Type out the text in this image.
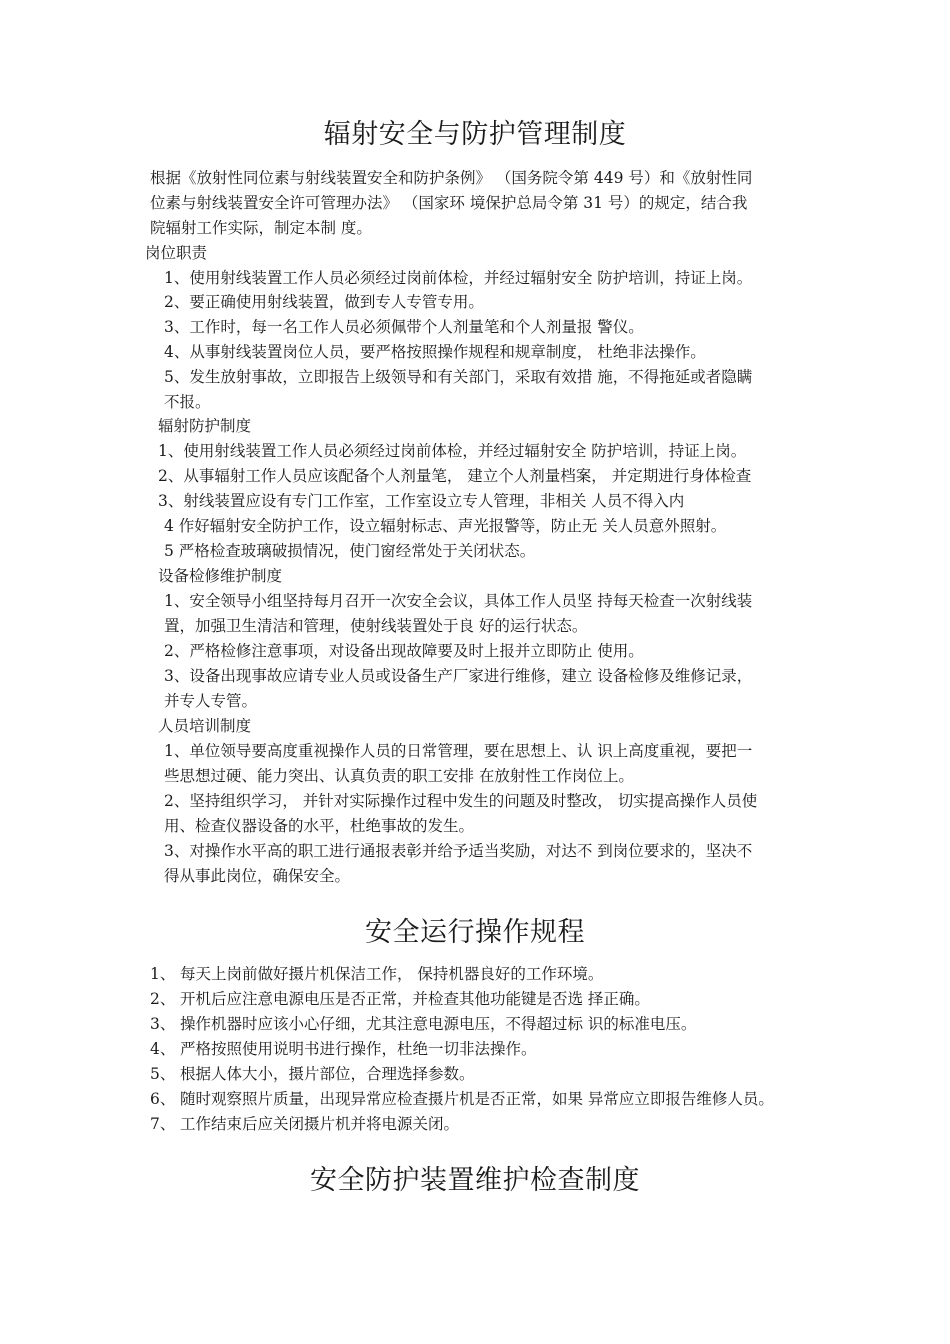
辐射安全与防护管理制度

根据《放射性同位素与射线装置安全和防护条例》 （国务院令第 449 号）和《放射性同

位素与射线装置安全许可管理办法》 （国家环 境保护总局令第 31 号）的规定，结合我

院辐射工作实际，制定本制 度。

岗位职责

1、使用射线装置工作人员必须经过岗前体检，并经过辐射安全 防护培训，持证上岗。

2、要正确使用射线装置，做到专人专管专用。

3、工作时，每一名工作人员必须佩带个人剂量笔和个人剂量报 警仪。

4、从事射线装置岗位人员，要严格按照操作规程和规章制度， 杜绝非法操作。

5、发生放射事故，立即报告上级领导和有关部门，采取有效措 施，不得拖延或者隐瞒

不报。

辐射防护制度

1、使用射线装置工作人员必须经过岗前体检，并经过辐射安全 防护培训，持证上岗。

2、从事辐射工作人员应该配备个人剂量笔， 建立个人剂量档案， 并定期进行身体检查

3、射线装置应设有专门工作室，工作室设立专人管理，非相关 人员不得入内

4 作好辐射安全防护工作，设立辐射标志、声光报警等，防止无 关人员意外照射。

5 严格检查玻璃破损情况，使门窗经常处于关闭状态。

设备检修维护制度

1、安全领导小组坚持每月召开一次安全会议，具体工作人员坚 持每天检查一次射线装

置，加强卫生清洁和管理，使射线装置处于良 好的运行状态。

2、严格检修注意事项，对设备出现故障要及时上报并立即防止 使用。

3、设备出现事故应请专业人员或设备生产厂家进行维修，建立 设备检修及维修记录，

并专人专管。

人员培训制度

1、单位领导要高度重视操作人员的日常管理，要在思想上、认 识上高度重视，要把一

些思想过硬、能力突出、认真负责的职工安排 在放射性工作岗位上。

2、坚持组织学习， 并针对实际操作过程中发生的问题及时整改， 切实提高操作人员使

用、检查仪器设备的水平，杜绝事故的发生。

3、对操作水平高的职工进行通报表彰并给予适当奖励，对达不 到岗位要求的，坚决不

得从事此岗位，确保安全。

安全运行操作规程

1、 每天上岗前做好摄片机保洁工作， 保持机器良好的工作环境。

2、 开机后应注意电源电压是否正常，并检查其他功能键是否选 择正确。

3、 操作机器时应该小心仔细，尤其注意电源电压，不得超过标 识的标准电压。

4、 严格按照使用说明书进行操作，杜绝一切非法操作。

5、 根据人体大小，摄片部位，合理选择参数。

6、 随时观察照片质量，出现异常应检查摄片机是否正常，如果 异常应立即报告维修人员。

7、 工作结束后应关闭摄片机并将电源关闭。

安全防护装置维护检查制度
